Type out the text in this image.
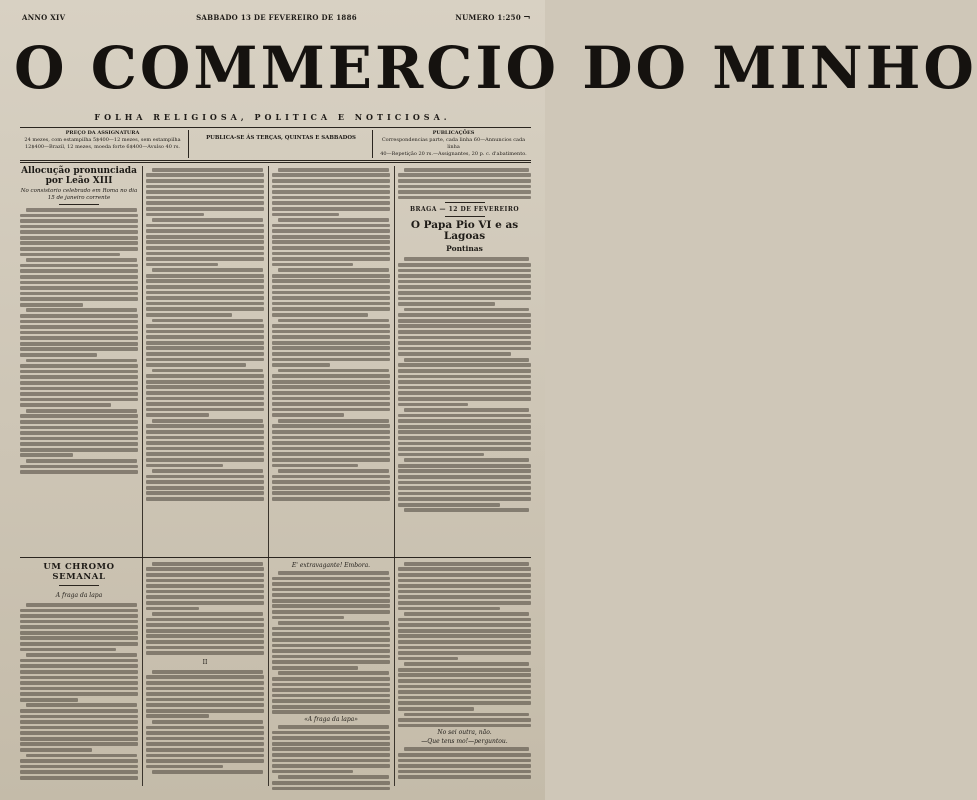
ANNO XIV	SABBADO 13 DE FEVEREIRO DE 1886	NUMERO 1:250 ¬
O COMMERCIO DO MINHO
FOLHA RELIGIOSA, POLITICA E NOTICIOSA.
PREÇO DA ASSIGNATURA
24 mezes, com estampilha 5$400—12 mezes, sem estampilha
12$400—Brazil, 12 mezes, moeda forte 6$400—Avulso 40 rs.
PUBLICA-SE ÁS TERÇAS, QUINTAS E SABBADOS
PUBLICAÇÕES
Correspondencias parte, cada linha 60—Annuncios cada linha
40—Repetição 20 rs.—Assignantes, 20 p. c. d'abatimento.
Allocução pronunciada por Leão XIII
No consistorio celebrado em Roma no dia 15 de janeiro corrente
BRAGA — 12 DE FEVEREIRO
O Papa Pio VI e as Lagoas
Pontinas
UM CHROMO SEMANAL
A fraga da lapa
II
E' extravagante! Embora.
«A fraga da lapa»
No sei outra, não.
—Que tens mo!—perguntou.
